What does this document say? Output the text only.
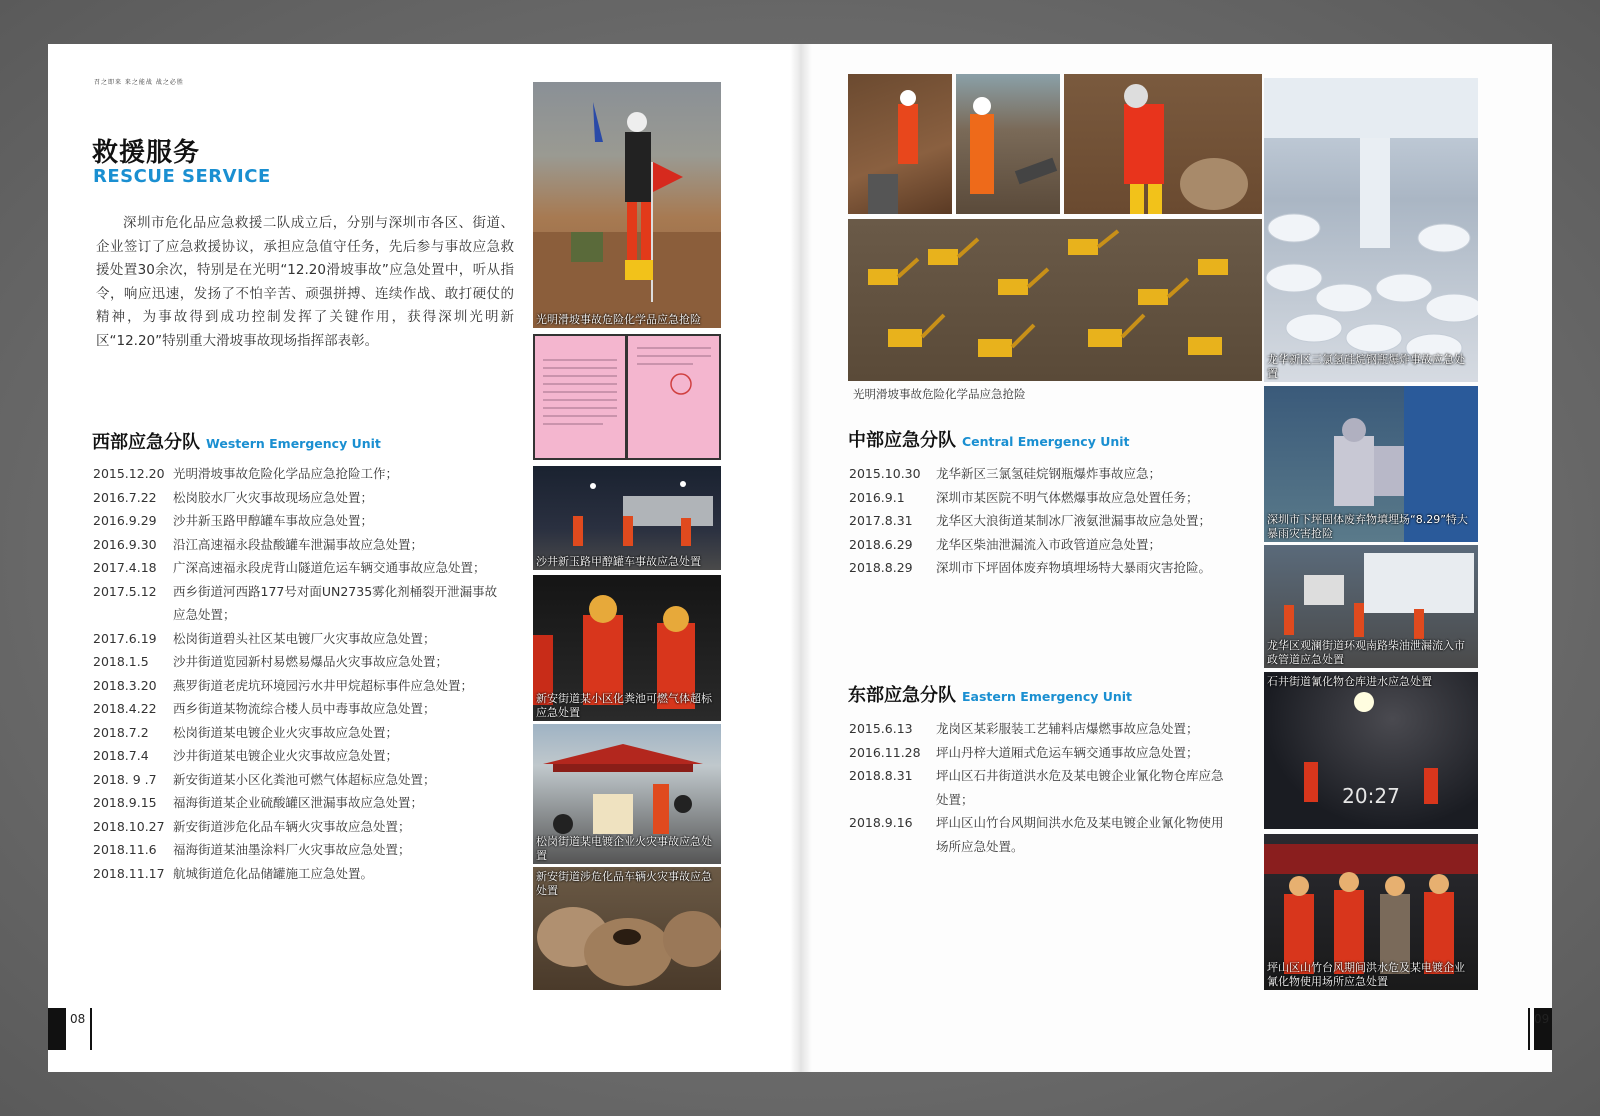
召之即来 来之能战 战之必胜
救援服务
RESCUE SERVICE

深圳市危化品应急救援二队成立后，分别与深圳市各区、街道、企业签订了应急救援协议，承担应急值守任务，先后参与事故应急救援处置30余次，特别是在光明“12.20滑坡事故”应急处置中，听从指令，响应迅速，发扬了不怕辛苦、顽强拼搏、连续作战、敢打硬仗的精神，为事故得到成功控制发挥了关键作用，获得深圳光明新区“12.20”特别重大滑坡事故现场指挥部表彰。

西部应急分队 Western Emergency Unit
2015.12.20 光明滑坡事故危险化学品应急抢险工作；
2016.7.22 松岗胶水厂火灾事故现场应急处置；
2016.9.29 沙井新玉路甲醇罐车事故应急处置；
2016.9.30 沿江高速福永段盐酸罐车泄漏事故应急处置；
2017.4.18 广深高速福永段虎背山隧道危运车辆交通事故应急处置；
2017.5.12 西乡街道河西路177号对面UN2735雾化剂桶裂开泄漏事故应急处置；
2017.6.19 松岗街道碧头社区某电镀厂火灾事故应急处置；
2018.1.5 沙井街道览园新村易燃易爆品火灾事故应急处置；
2018.3.20 燕罗街道老虎坑环境园污水井甲烷超标事件应急处置；
2018.4.22 西乡街道某物流综合楼人员中毒事故应急处置；
2018.7.2 松岗街道某电镀企业火灾事故应急处置；
2018.7.4 沙井街道某电镀企业火灾事故应急处置；
2018. 9 .7 新安街道某小区化粪池可燃气体超标应急处置；
2018.9.15 福海街道某企业硫酸罐区泄漏事故应急处置；
2018.10.27 新安街道涉危化品车辆火灾事故应急处置；
2018.11.6 福海街道某油墨涂料厂火灾事故应急处置；
2018.11.17 航城街道危化品储罐施工应急处置。
光明滑坡事故危险化学品应急抢险
沙井新玉路甲醇罐车事故应急处置
新安街道某小区化粪池可燃气体超标应急处置
松岗街道某电镀企业火灾事故应急处置
新安街道涉危化品车辆火灾事故应急处置
08
光明滑坡事故危险化学品应急抢险
中部应急分队 Central Emergency Unit
2015.10.30 龙华新区三氯氢硅烷钢瓶爆炸事故应急；
2016.9.1	深圳市某医院不明气体燃爆事故应急处置任务；
2017.8.31 龙华区大浪街道某制冰厂液氨泄漏事故应急处置；
2018.6.29 龙华区柴油泄漏流入市政管道应急处置；
2018.8.29 深圳市下坪固体废弃物填埋场特大暴雨灾害抢险。
东部应急分队 Eastern Emergency Unit
2015.6.13 龙岗区某彩服装工艺辅料店爆燃事故应急处置；
2016.11.28 坪山丹梓大道厢式危运车辆交通事故应急处置；
2018.8.31 坪山区石井街道洪水危及某电镀企业氰化物仓库应急处置；
2018.9.16 坪山区山竹台风期间洪水危及某电镀企业氰化物使用场所应急处置。
龙华新区三氯氢硅烷钢瓶爆炸事故应急处置
深圳市下坪固体废弃物填埋场“8.29”特大暴雨灾害抢险
龙华区观澜街道环观南路柴油泄漏流入市政管道应急处置
石井街道氰化物仓库进水应急处置
20:27
坪山区山竹台风期间洪水危及某电镀企业氰化物使用场所应急处置
09
